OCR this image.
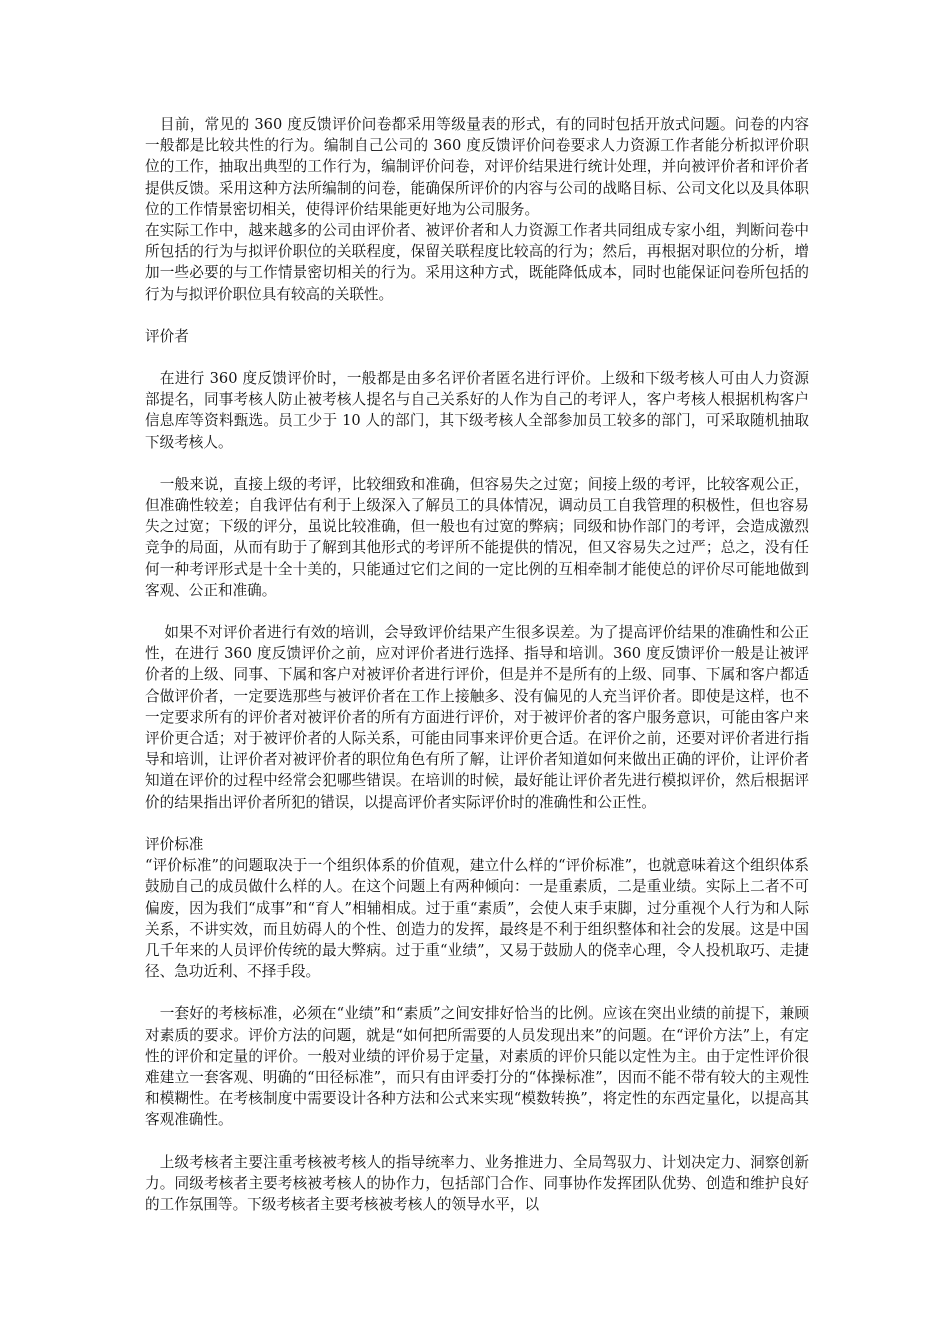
　目前，常见的 360 度反馈评价问卷都采用等级量表的形式，有的同时包括开放式问题。问卷的内容一般都是比较共性的行为。编制自己公司的 360 度反馈评价问卷要求人力资源工作者能分析拟评价职位的工作，抽取出典型的工作行为，编制评价问卷，对评价结果进行统计处理，并向被评价者和评价者提供反馈。采用这种方法所编制的问卷，能确保所评价的内容与公司的战略目标、公司文化以及具体职位的工作情景密切相关，使得评价结果能更好地为公司服务。

在实际工作中，越来越多的公司由评价者、被评价者和人力资源工作者共同组成专家小组，判断问卷中所包括的行为与拟评价职位的关联程度，保留关联程度比较高的行为；然后，再根据对职位的分析，增加一些必要的与工作情景密切相关的行为。采用这种方式，既能降低成本，同时也能保证问卷所包括的行为与拟评价职位具有较高的关联性。

评价者

　在进行 360 度反馈评价时，一般都是由多名评价者匿名进行评价。上级和下级考核人可由人力资源部提名，同事考核人防止被考核人提名与自己关系好的人作为自己的考评人，客户考核人根据机构客户信息库等资料甄选。员工少于 10 人的部门，其下级考核人全部参加员工较多的部门，可采取随机抽取下级考核人。

　一般来说，直接上级的考评，比较细致和准确，但容易失之过宽；间接上级的考评，比较客观公正，但准确性较差；自我评估有利于上级深入了解员工的具体情况，调动员工自我管理的积极性，但也容易失之过宽；下级的评分，虽说比较准确，但一般也有过宽的弊病；同级和协作部门的考评，会造成激烈竞争的局面，从而有助于了解到其他形式的考评所不能提供的情况，但又容易失之过严；总之，没有任何一种考评形式是十全十美的，只能通过它们之间的一定比例的互相牵制才能使总的评价尽可能地做到客观、公正和准确。

　 如果不对评价者进行有效的培训，会导致评价结果产生很多误差。为了提高评价结果的准确性和公正性，在进行 360 度反馈评价之前，应对评价者进行选择、指导和培训。360 度反馈评价一般是让被评价者的上级、同事、下属和客户对被评价者进行评价，但是并不是所有的上级、同事、下属和客户都适合做评价者，一定要选那些与被评价者在工作上接触多、没有偏见的人充当评价者。即使是这样，也不一定要求所有的评价者对被评价者的所有方面进行评价，对于被评价者的客户服务意识，可能由客户来评价更合适；对于被评价者的人际关系，可能由同事来评价更合适。在评价之前，还要对评价者进行指导和培训，让评价者对被评价者的职位角色有所了解，让评价者知道如何来做出正确的评价，让评价者知道在评价的过程中经常会犯哪些错误。在培训的时候，最好能让评价者先进行模拟评价，然后根据评价的结果指出评价者所犯的错误，以提高评价者实际评价时的准确性和公正性。

评价标准

“评价标准”的问题取决于一个组织体系的价值观，建立什么样的“评价标准”，也就意味着这个组织体系鼓励自己的成员做什么样的人。在这个问题上有两种倾向：一是重素质，二是重业绩。实际上二者不可偏废，因为我们“成事”和“育人”相辅相成。过于重“素质”，会使人束手束脚，过分重视个人行为和人际关系，不讲实效，而且妨碍人的个性、创造力的发挥，最终是不利于组织整体和社会的发展。这是中国几千年来的人员评价传统的最大弊病。过于重“业绩”，又易于鼓励人的侥幸心理，令人投机取巧、走捷径、急功近利、不择手段。

　一套好的考核标准，必须在“业绩”和“素质”之间安排好恰当的比例。应该在突出业绩的前提下，兼顾对素质的要求。评价方法的问题，就是“如何把所需要的人员发现出来”的问题。在“评价方法”上，有定性的评价和定量的评价。一般对业绩的评价易于定量，对素质的评价只能以定性为主。由于定性评价很难建立一套客观、明确的“田径标准”，而只有由评委打分的“体操标准”，因而不能不带有较大的主观性和模糊性。在考核制度中需要设计各种方法和公式来实现“模数转换”，将定性的东西定量化，以提高其客观准确性。

　上级考核者主要注重考核被考核人的指导统率力、业务推进力、全局驾驭力、计划决定力、洞察创新力。同级考核者主要考核被考核人的协作力，包括部门合作、同事协作发挥团队优势、创造和维护良好的工作氛围等。下级考核者主要考核被考核人的领导水平，以
